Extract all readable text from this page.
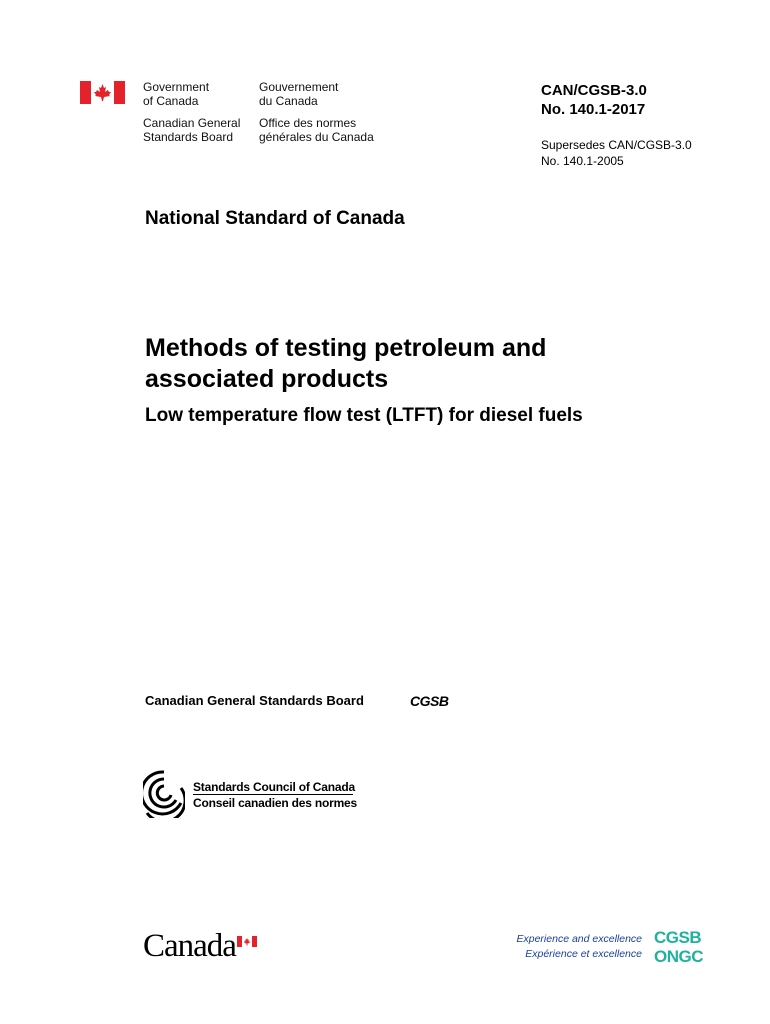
Government
of Canada
Gouvernement
du Canada
Canadian General
Standards Board
Office des normes
générales du Canada
CAN/CGSB-3.0
No. 140.1-2017
Supersedes CAN/CGSB-3.0
No. 140.1-2005
National Standard of Canada
Methods of testing petroleum and
associated products
Low temperature flow test (LTFT) for diesel fuels
Canadian General Standards Board	CGSB
Standards Council of Canada
Conseil canadien des normes
Canada	Experience and excellence
Expérience et excellence
CGSB
ONGC
